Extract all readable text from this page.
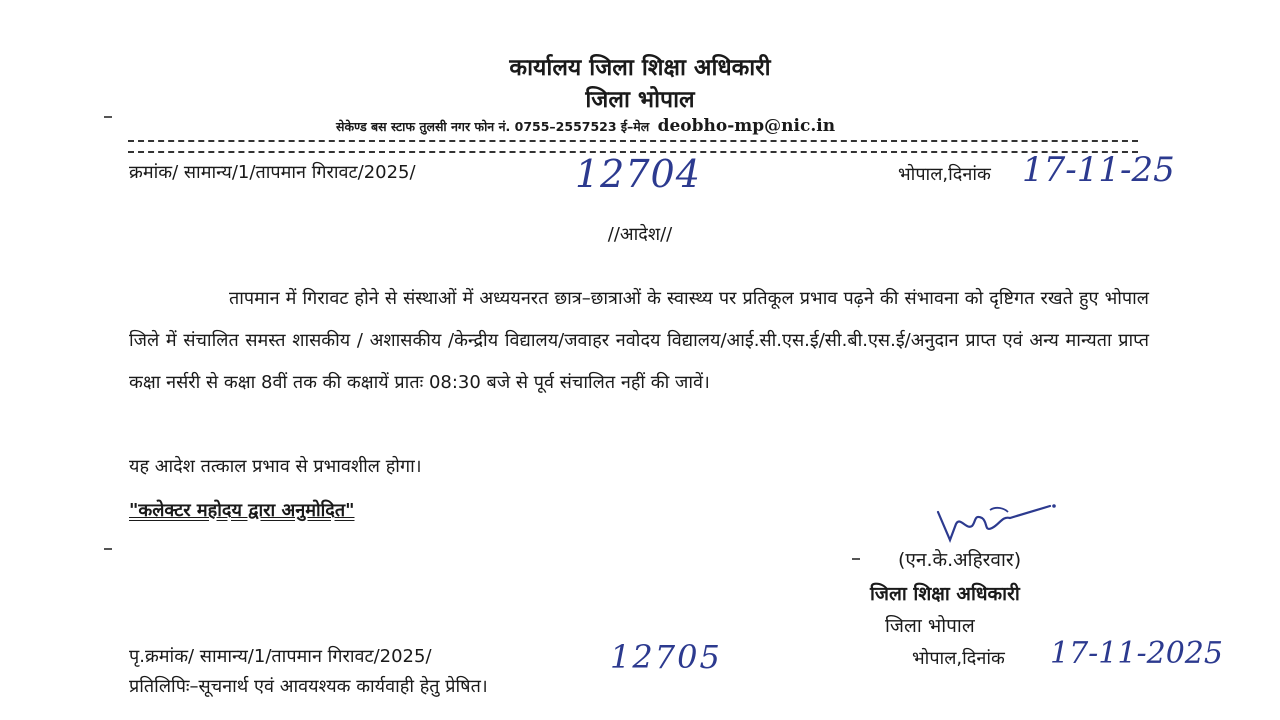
कार्यालय जिला शिक्षा अधिकारी
जिला भोपाल
सेकेण्ड बस स्टाफ तुलसी नगर फोन नं. 0755–2557523 ई–मेल deobho-mp@nic.in
क्रमांक/ सामान्य/1/तापमान गिरावट/2025/	12704	भोपाल,दिनांक 17-11-25
//आदेश//
तापमान में गिरावट होने से संस्थाओं में अध्ययनरत छात्र–छात्राओं के स्वास्थ्य पर प्रतिकूल प्रभाव पढ़ने की संभावना को दृष्टिगत रखते हुए भोपाल जिले में संचालित समस्त शासकीय / अशासकीय /केन्द्रीय विद्यालय/जवाहर नवोदय विद्यालय/आई.सी.एस.ई/सी.बी.एस.ई/अनुदान प्राप्त एवं अन्य मान्यता प्राप्त कक्षा नर्सरी से कक्षा 8वीं तक की कक्षायें प्रातः 08:30 बजे से पूर्व संचालित नहीं की जावें।
यह आदेश तत्काल प्रभाव से प्रभावशील होगा।
"कलेक्टर महोदय द्वारा अनुमोदित"
(एन.के.अहिरवार)
जिला शिक्षा अधिकारी
जिला भोपाल
पृ.क्रमांक/ सामान्य/1/तापमान गिरावट/2025/	12705	भोपाल,दिनांक 17-11-2025
प्रतिलिपिः–सूचनार्थ एवं आवयश्यक कार्यवाही हेतु प्रेषित।
